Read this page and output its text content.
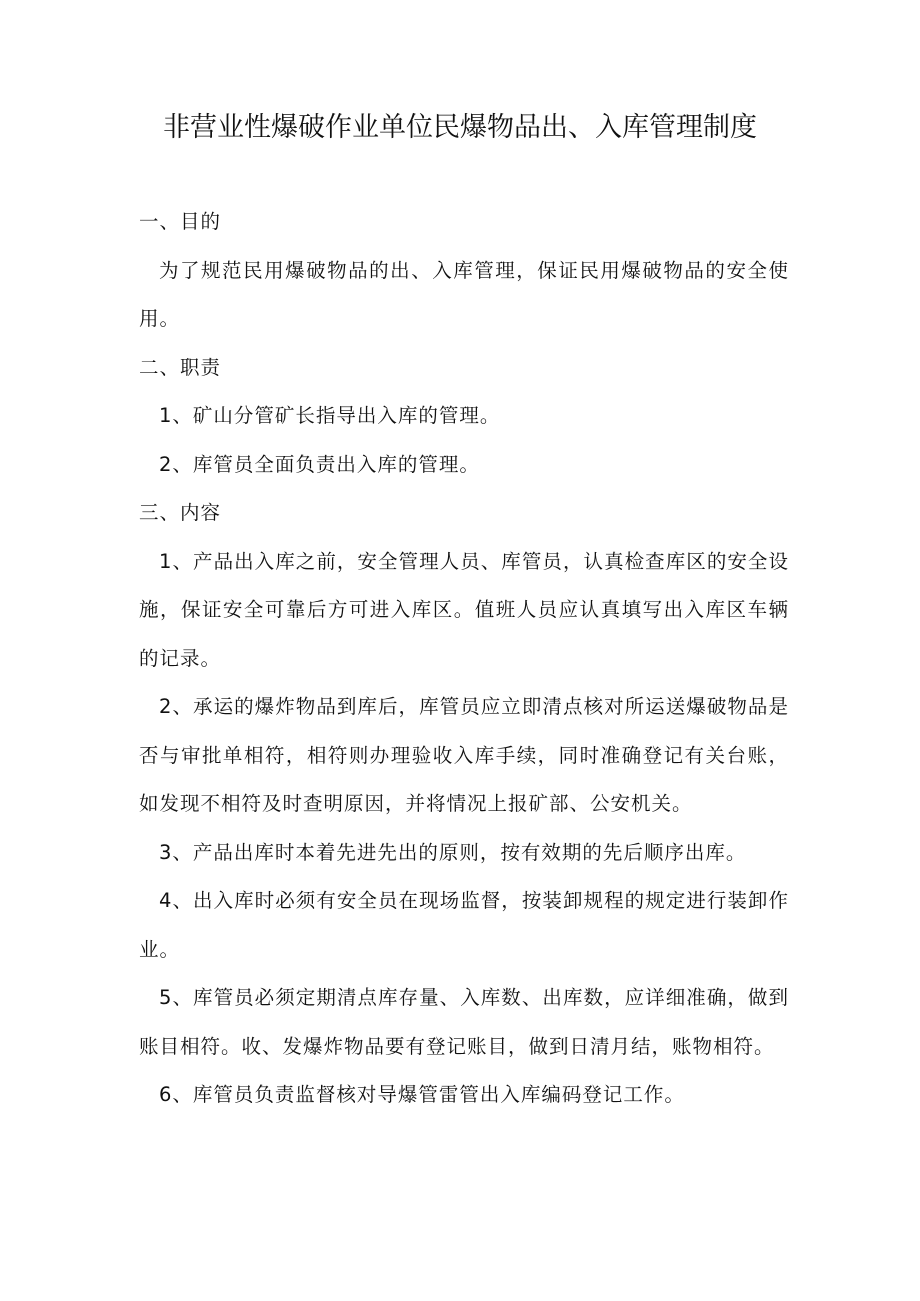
非营业性爆破作业单位民爆物品出、入库管理制度

一、目的

为了规范民用爆破物品的出、入库管理，保证民用爆破物品的安全使用。

二、职责

1、矿山分管矿长指导出入库的管理。

2、库管员全面负责出入库的管理。

三、内容

1、产品出入库之前，安全管理人员、库管员，认真检查库区的安全设施，保证安全可靠后方可进入库区。值班人员应认真填写出入库区车辆的记录。

2、承运的爆炸物品到库后，库管员应立即清点核对所运送爆破物品是否与审批单相符，相符则办理验收入库手续，同时准确登记有关台账，如发现不相符及时查明原因，并将情况上报矿部、公安机关。

3、产品出库时本着先进先出的原则，按有效期的先后顺序出库。

4、出入库时必须有安全员在现场监督，按装卸规程的规定进行装卸作业。

5、库管员必须定期清点库存量、入库数、出库数，应详细准确，做到账目相符。收、发爆炸物品要有登记账目，做到日清月结，账物相符。

6、库管员负责监督核对导爆管雷管出入库编码登记工作。
